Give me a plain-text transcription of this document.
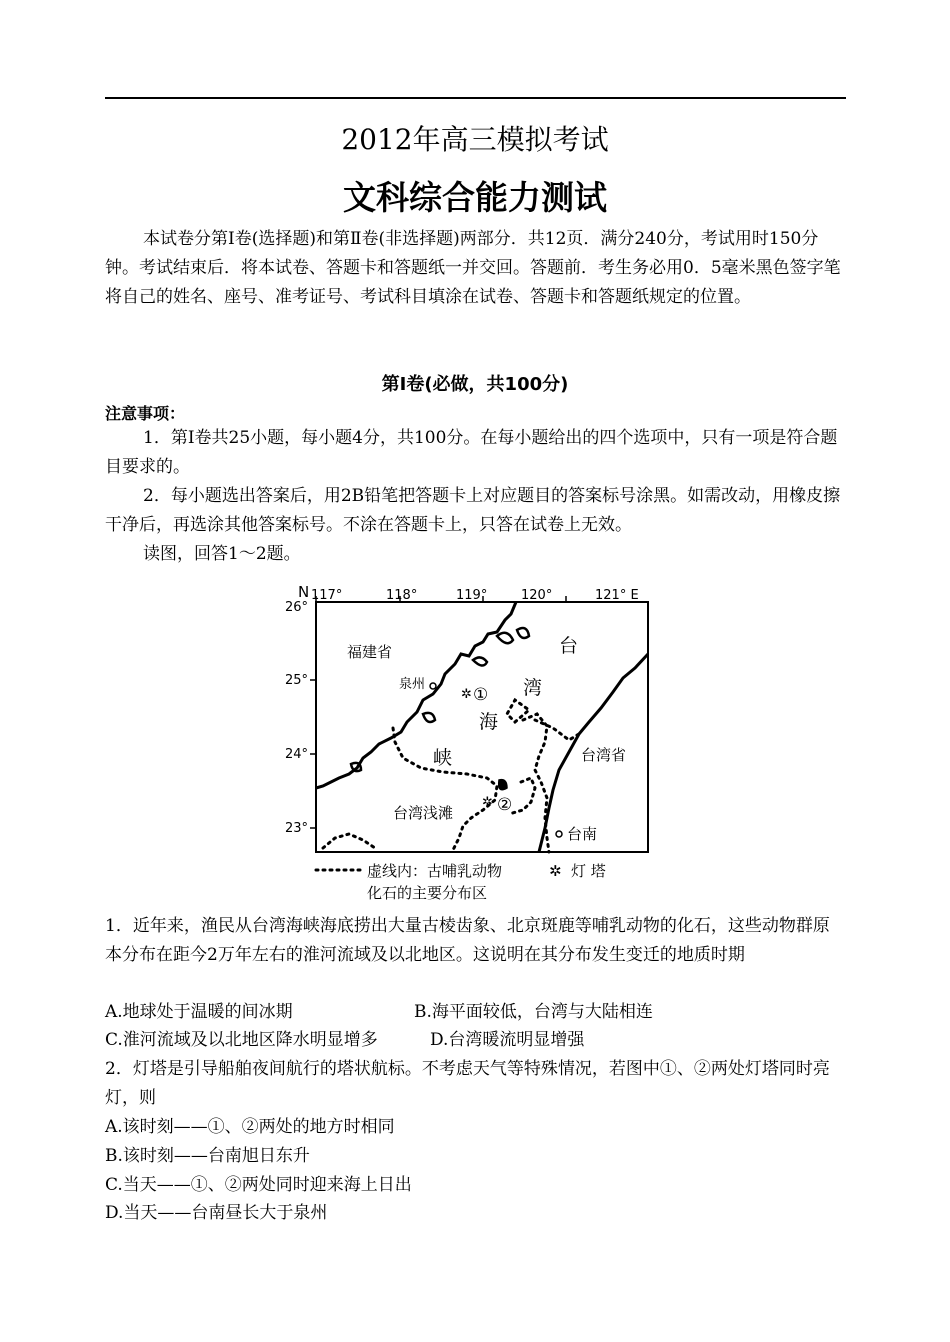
2012年高三模拟考试
文科综合能力测试
本试卷分第Ⅰ卷(选择题)和第Ⅱ卷(非选择题)两部分．共12页．满分240分，考试用时150分钟。考试结束后．将本试卷、答题卡和答题纸一并交回。答题前．考生务必用0．5毫米黑色签字笔将自己的姓名、座号、准考证号、考试科目填涂在试卷、答题卡和答题纸规定的位置。
第Ⅰ卷(必做，共100分)
注意事项：
1．第Ⅰ卷共25小题，每小题4分，共100分。在每小题给出的四个选项中，只有一项是符合题目要求的。
2．每小题选出答案后，用2B铅笔把答题卡上对应题目的答案标号涂黑。如需改动，用橡皮擦干净后，再选涂其他答案标号。不涂在答题卡上，只答在试卷上无效。
读图，回答1～2题。
N 117°	118°	119°	120°	121° E
26°
25°
24°
23°
福建省
泉州
✲ ①
台
湾
海
峡	台湾省
台湾浅滩
✲ ②
台南
虚线内：古哺乳动物
化石的主要分布区
✲ 灯 塔
1．近年来，渔民从台湾海峡海底捞出大量古棱齿象、北京斑鹿等哺乳动物的化石，这些动物群原本分布在距今2万年左右的淮河流域及以北地区。这说明在其分布发生变迁的地质时期
A.地球处于温暖的间冰期	B.海平面较低，台湾与大陆相连
C.淮河流域及以北地区降水明显增多	D.台湾暖流明显增强
2．灯塔是引导船舶夜间航行的塔状航标。不考虑天气等特殊情况，若图中①、②两处灯塔同时亮灯，则
A.该时刻——①、②两处的地方时相同
B.该时刻——台南旭日东升
C.当天——①、②两处同时迎来海上日出
D.当天——台南昼长大于泉州
